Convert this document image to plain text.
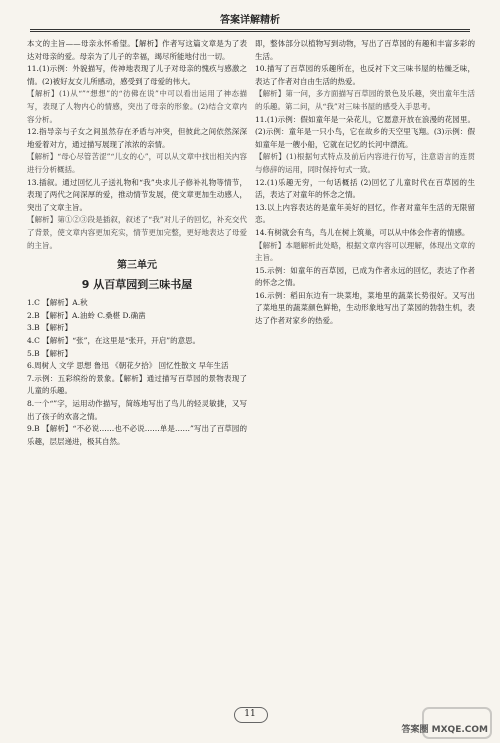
答案详解精析

本文的主旨——母亲永怀希望。【解析】作者写这篇文章是为了表达对母亲的爱。母亲为了儿子的幸福，竭尽所能地付出一切。

11.(1)示例：外貌描写，传神地表现了儿子对母亲的愧疚与感激之情。(2)被好友女儿所感动，感受到了母爱的伟大。

【解析】(1)从“”“想想”的“彷佛在说”中可以看出运用了神态描写，表现了人物内心的情感，突出了母亲的形象。(2)结合文章内容分析。

12.指导亲与子女之间虽然存在矛盾与冲突，但彼此之间依然深深地爱着对方，通过描写展现了浓浓的亲情。

【解析】“母心尽管苦涩”“儿女的心”，可以从文章中找出相关内容进行分析概括。

13.插叙。通过回忆儿子送礼物和“我”央求儿子修补礼物等情节，表现了两代之间深厚的爱，推动情节发展，使文章更加生动感人，突出了文章主旨。

【解析】第①②③段是插叙，叙述了“我”对儿子的回忆，补充交代了背景，使文章内容更加充实，情节更加完整，更好地表达了母爱的主旨。

第三单元
9 从百草园到三味书屋

1.C 【解析】A.秋

2.B 【解析】A.油蛉 C.桑椹 D.确凿

3.B 【解析】

4.C 【解析】“张”，在这里是“张开，开启”的意思。

5.B 【解析】

6.周树人 文学 思想 鲁迅 《朝花夕拾》 回忆性散文 早年生活

7.示例：五彩缤纷的景象。【解析】通过描写百草园的景物表现了儿童的乐趣。

8.一个“”字，运用动作描写，简练地写出了鸟儿的轻灵敏捷，又写出了孩子的欢喜之情。

9.B 【解析】“不必说……也不必说……单是……”写出了百草园的乐趣，层层递进，极其自然。

即，整体部分以植物写到动物，写出了百草园的有趣和丰富多彩的生活。

10.描写了百草园的乐趣所在，也反衬下文三味书屋的枯燥乏味，表达了作者对自由生活的热爱。

【解析】第一问，多方面描写百草园的景色及乐趣，突出童年生活的乐趣。第二问，从“我”对三味书屋的感受入手思考。

11.(1)示例：假如童年是一朵花儿，它愿意开放在浪漫的花园里。(2)示例：童年是一只小鸟，它在故乡的天空里飞翔。(3)示例：假如童年是一艘小船，它就在记忆的长河中漂流。

【解析】(1)根据句式特点及前后内容进行仿写，注意语言的连贯与修辞的运用，同时保持句式一致。

12.(1)乐趣无穷，一句话概括 (2)回忆了儿童时代在百草园的生活，表达了对童年的怀念之情。

13.以上内容表达的是童年美好的回忆，作者对童年生活的无限留恋。

14.有树就会有鸟，鸟儿在树上筑巢，可以从中体会作者的情感。

【解析】本题解析此处略，根据文章内容可以理解，体现出文章的主旨。

15.示例：如童年的百草园，已成为作者永远的回忆，表达了作者的怀念之情。

16.示例：稻田东边有一块菜地，菜地里的蔬菜长势很好。又写出了菜地里的蔬菜颜色鲜艳，生动形象地写出了菜园的勃勃生机，表达了作者对家乡的热爱。

11
答案圈 MXQE.COM
